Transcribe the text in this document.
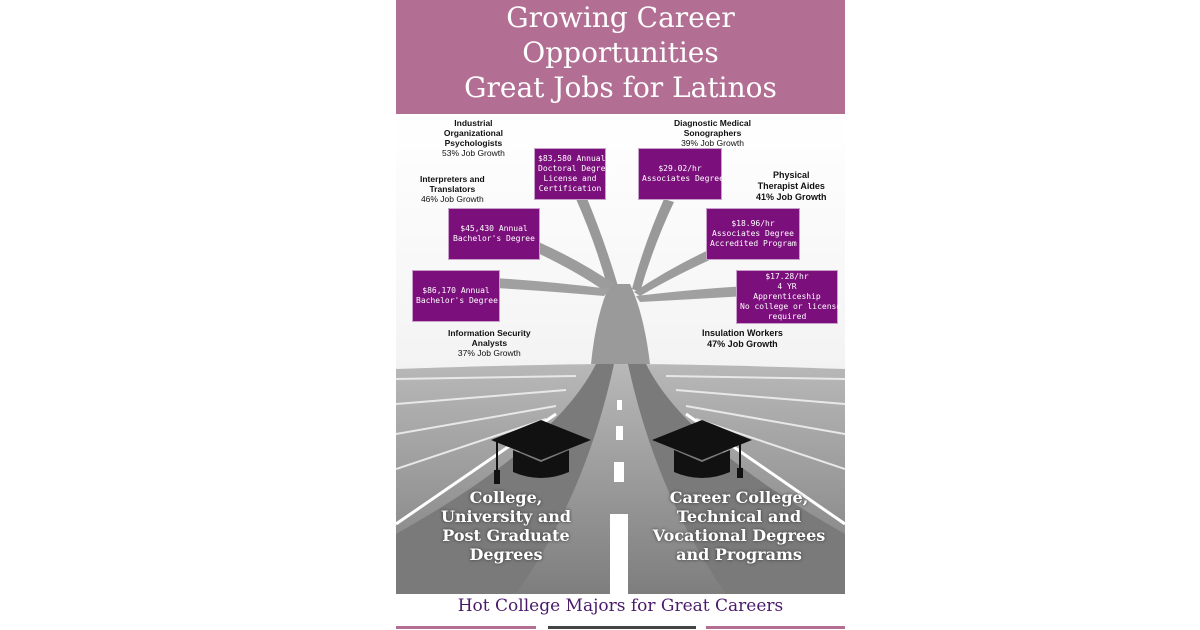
Growing Career
Opportunities
Great Jobs for Latinos
Industrial
Organizational
Psychologists
53% Job Growth
Interpreters and
Translators
46% Job Growth
Information Security
Analysts
37% Job Growth
Diagnostic Medical
Sonographers
39% Job Growth
Physical
Therapist Aides
41% Job Growth
Insulation Workers
47% Job Growth
$83,580 Annual
Doctoral Degree,
License and
Certification
$45,430 Annual
Bachelor's Degree
$86,170 Annual
Bachelor's Degree
$29.02/hr
Associates Degree
$18.96/hr
Associates Degree
Accredited Program
$17.28/hr
4 YR
Apprenticeship
No college or license
required
College,
University and
Post Graduate
Degrees
Career College,
Technical and
Vocational Degrees
and Programs
Hot College Majors for Great Careers
